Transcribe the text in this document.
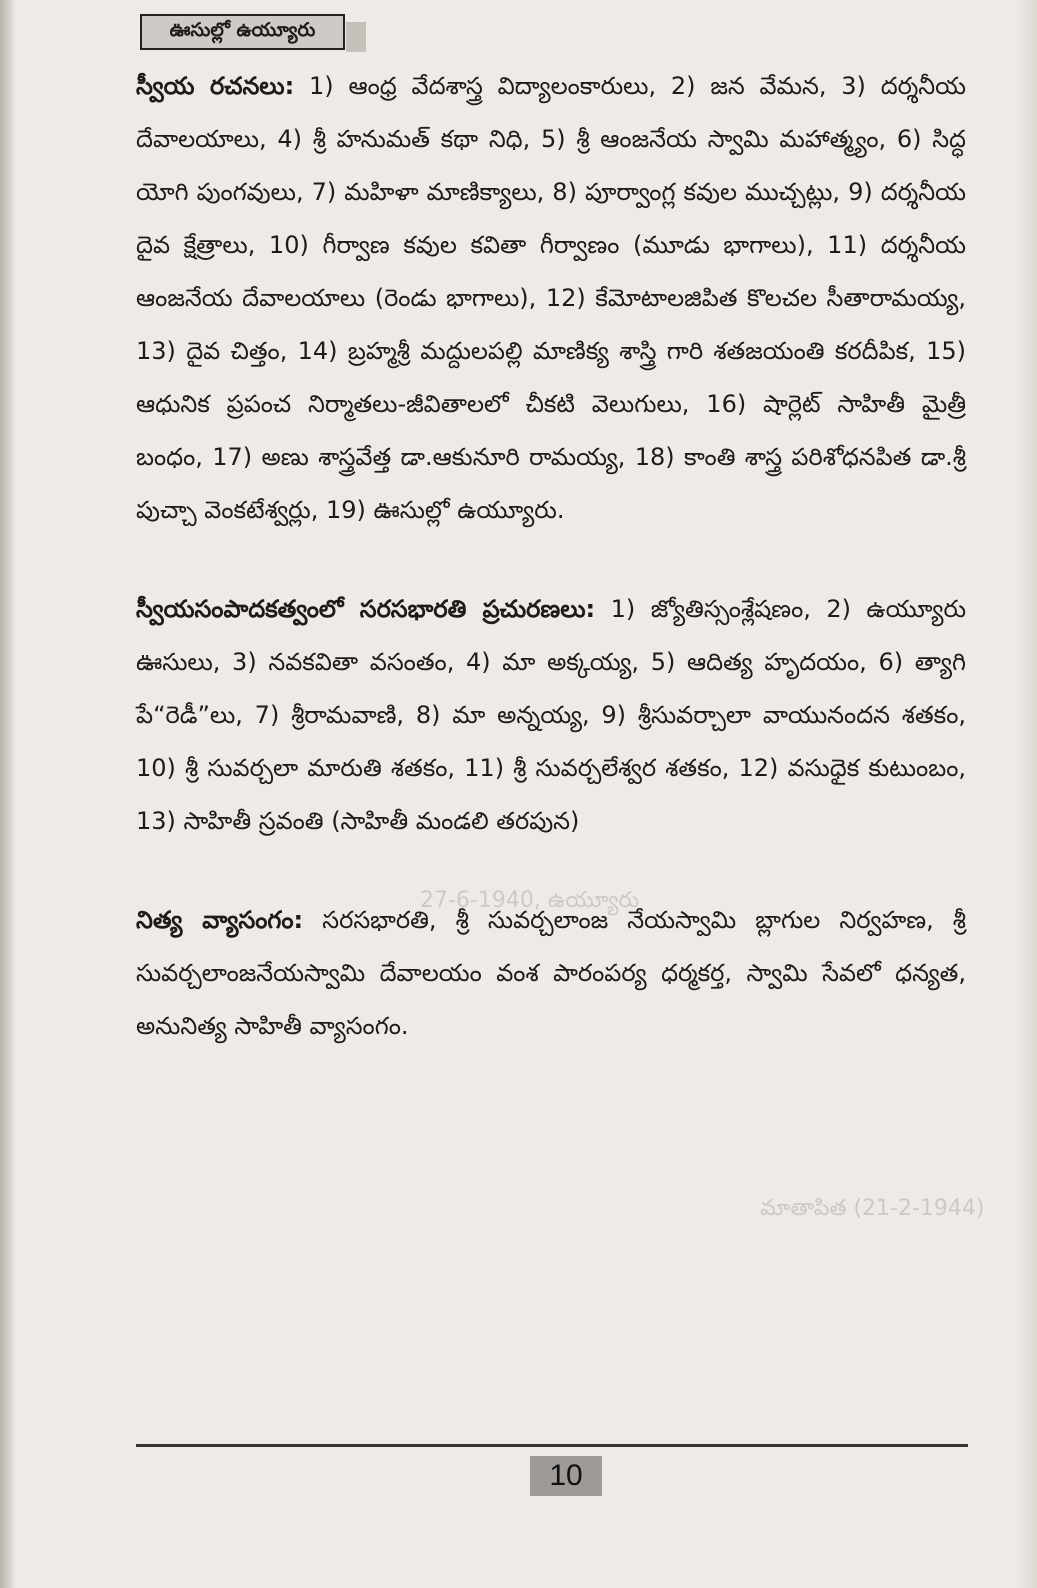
ఊసుల్లో ఉయ్యూరు
27-6-1940, ఉయ్యూరు
మాతాపిత (21-2-1944)

స్వీయ రచనలు: 1) ఆంధ్ర వేదశాస్త్ర విద్యాలంకారులు, 2) జన వేమన, 3) దర్శనీయ దేవాలయాలు, 4) శ్రీ హనుమత్ కథా నిధి, 5) శ్రీ ఆంజనేయ స్వామి మహాత్మ్యం, 6) సిద్ధ యోగి పుంగవులు, 7) మహిళా మాణిక్యాలు, 8) పూర్వాంగ్ల కవుల ముచ్చట్లు, 9) దర్శనీయ దైవ క్షేత్రాలు, 10) గీర్వాణ కవుల కవితా గీర్వాణం (మూడు భాగాలు), 11) దర్శనీయ ఆంజనేయ దేవాలయాలు (రెండు భాగాలు), 12) కేమోటాలజిపిత కొలచల సీతారామయ్య, 13) దైవ చిత్తం, 14) బ్రహ్మశ్రీ మద్దులపల్లి మాణిక్య శాస్త్రి గారి శతజయంతి కరదీపిక, 15) ఆధునిక ప్రపంచ నిర్మాతలు-జీవితాలలో చీకటి వెలుగులు, 16) షార్లెట్ సాహితీ మైత్రీ బంధం, 17) అణు శాస్త్రవేత్త డా.ఆకునూరి రామయ్య, 18) కాంతి శాస్త్ర పరిశోధనపిత డా.శ్రీ పుచ్చా వెంకటేశ్వర్లు, 19) ఊసుల్లో ఉయ్యూరు.

స్వీయసంపాదకత్వంలో సరసభారతి ప్రచురణలు: 1) జ్యోతిస్సంశ్లేషణం, 2) ఉయ్యూరు ఊసులు, 3) నవకవితా వసంతం, 4) మా అక్కయ్య, 5) ఆదిత్య హృదయం, 6) త్యాగి పే“రెడీ”లు, 7) శ్రీరామవాణి, 8) మా అన్నయ్య, 9) శ్రీసువర్చాలా వాయునందన శతకం, 10) శ్రీ సువర్చలా మారుతి శతకం, 11) శ్రీ సువర్చలేశ్వర శతకం, 12) వసుధైక కుటుంబం, 13) సాహితీ స్రవంతి (సాహితీ మండలి తరపున)

నిత్య వ్యాసంగం: సరసభారతి, శ్రీ సువర్చలాంజ నేయస్వామి బ్లాగుల నిర్వహణ, శ్రీ సువర్చలాంజనేయస్వామి దేవాలయం వంశ పారంపర్య ధర్మకర్త, స్వామి సేవలో ధన్యత, అనునిత్య సాహితీ వ్యాసంగం.

10
